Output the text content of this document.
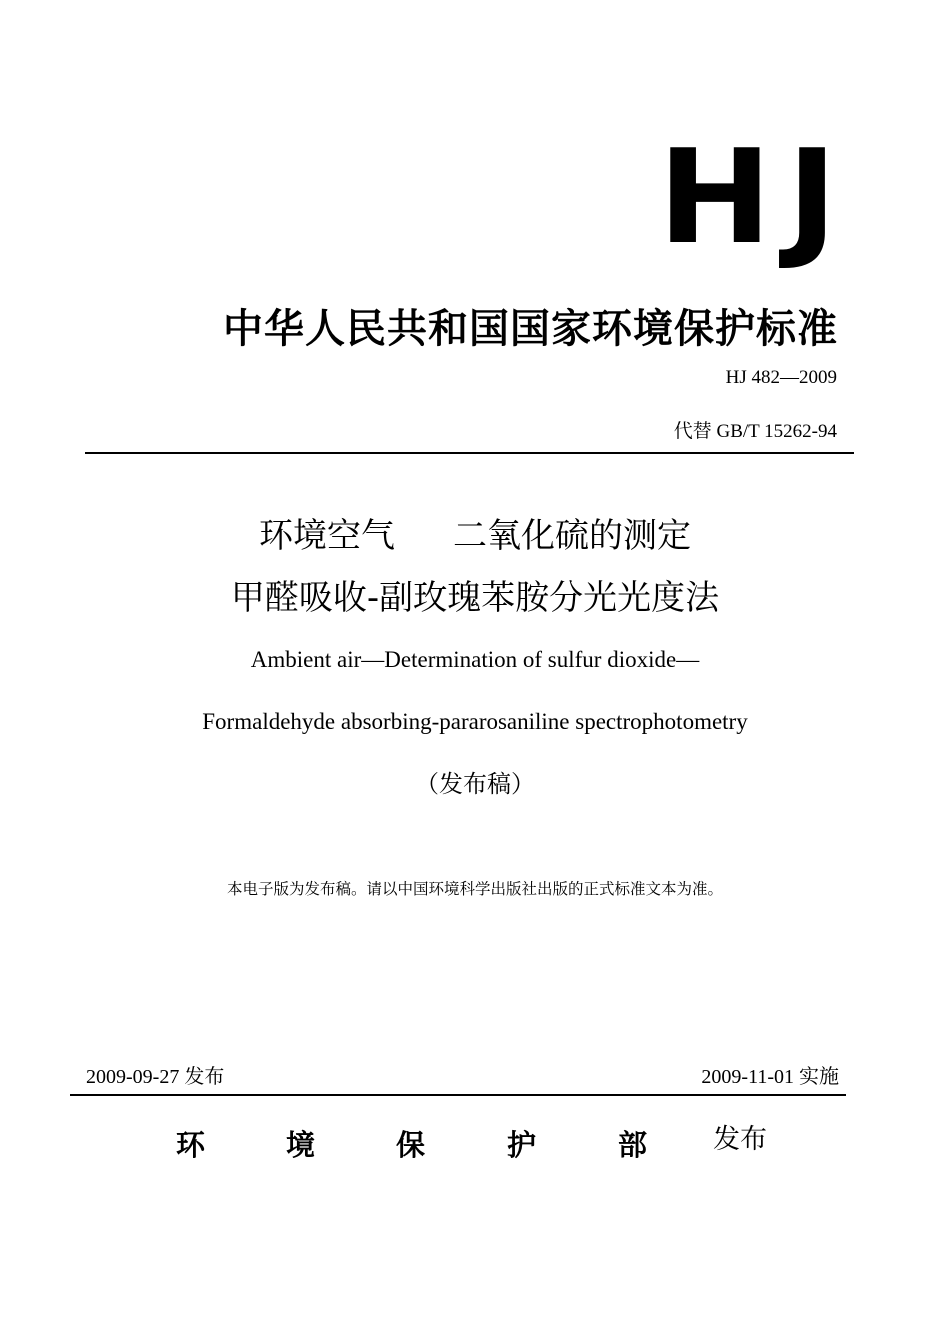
HJ
中华人民共和国国家环境保护标准
HJ 482—2009
代替 GB/T 15262-94
环境空气 二氧化硫的测定
甲醛吸收-副玫瑰苯胺分光光度法
Ambient air—Determination of sulfur dioxide—
Formaldehyde absorbing-pararosaniline spectrophotometry
（发布稿）
本电子版为发布稿。请以中国环境科学出版社出版的正式标准文本为准。
2009-09-27 发布	2009-11-01 实施
环	境	保	护	部 发布
